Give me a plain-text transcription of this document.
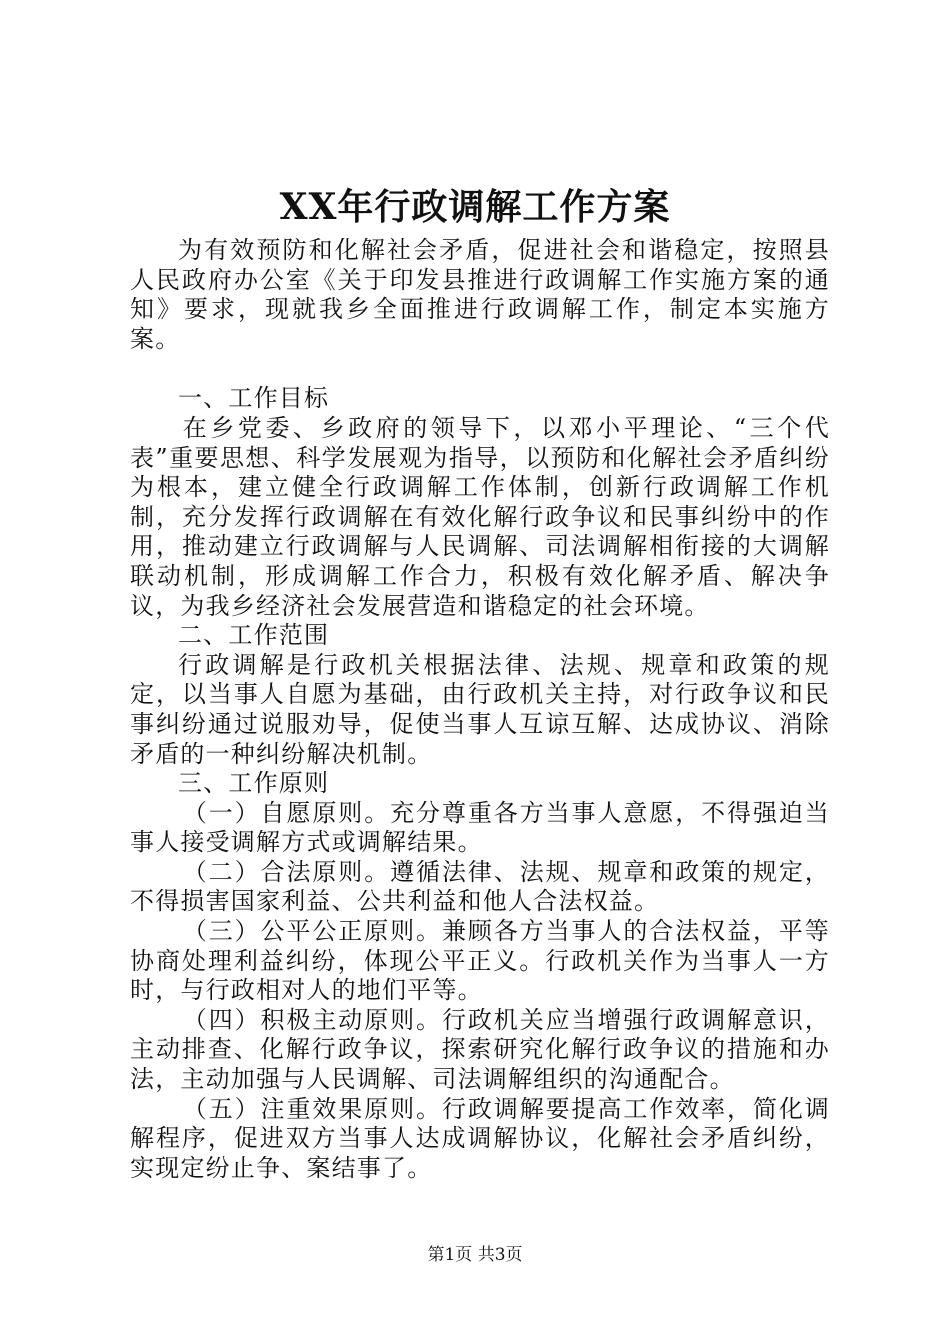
XX年行政调解工作方案

为有效预防和化解社会矛盾，促进社会和谐稳定，按照县人民政府办公室《关于印发县推进行政调解工作实施方案的通知》要求，现就我乡全面推进行政调解工作，制定本实施方案。

一、工作目标

在乡党委、乡政府的领导下，以邓小平理论、“三个代表”重要思想、科学发展观为指导，以预防和化解社会矛盾纠纷为根本，建立健全行政调解工作体制，创新行政调解工作机制，充分发挥行政调解在有效化解行政争议和民事纠纷中的作用，推动建立行政调解与人民调解、司法调解相衔接的大调解联动机制，形成调解工作合力，积极有效化解矛盾、解决争议，为我乡经济社会发展营造和谐稳定的社会环境。

二、工作范围

行政调解是行政机关根据法律、法规、规章和政策的规定，以当事人自愿为基础，由行政机关主持，对行政争议和民事纠纷通过说服劝导，促使当事人互谅互解、达成协议、消除矛盾的一种纠纷解决机制。

三、工作原则

（一）自愿原则。充分尊重各方当事人意愿，不得强迫当事人接受调解方式或调解结果。

（二）合法原则。遵循法律、法规、规章和政策的规定，不得损害国家利益、公共利益和他人合法权益。

（三）公平公正原则。兼顾各方当事人的合法权益，平等协商处理利益纠纷，体现公平正义。行政机关作为当事人一方时，与行政相对人的地们平等。

（四）积极主动原则。行政机关应当增强行政调解意识，主动排查、化解行政争议，探索研究化解行政争议的措施和办法，主动加强与人民调解、司法调解组织的沟通配合。

（五）注重效果原则。行政调解要提高工作效率，简化调解程序，促进双方当事人达成调解协议，化解社会矛盾纠纷，实现定纷止争、案结事了。

第1页 共3页
